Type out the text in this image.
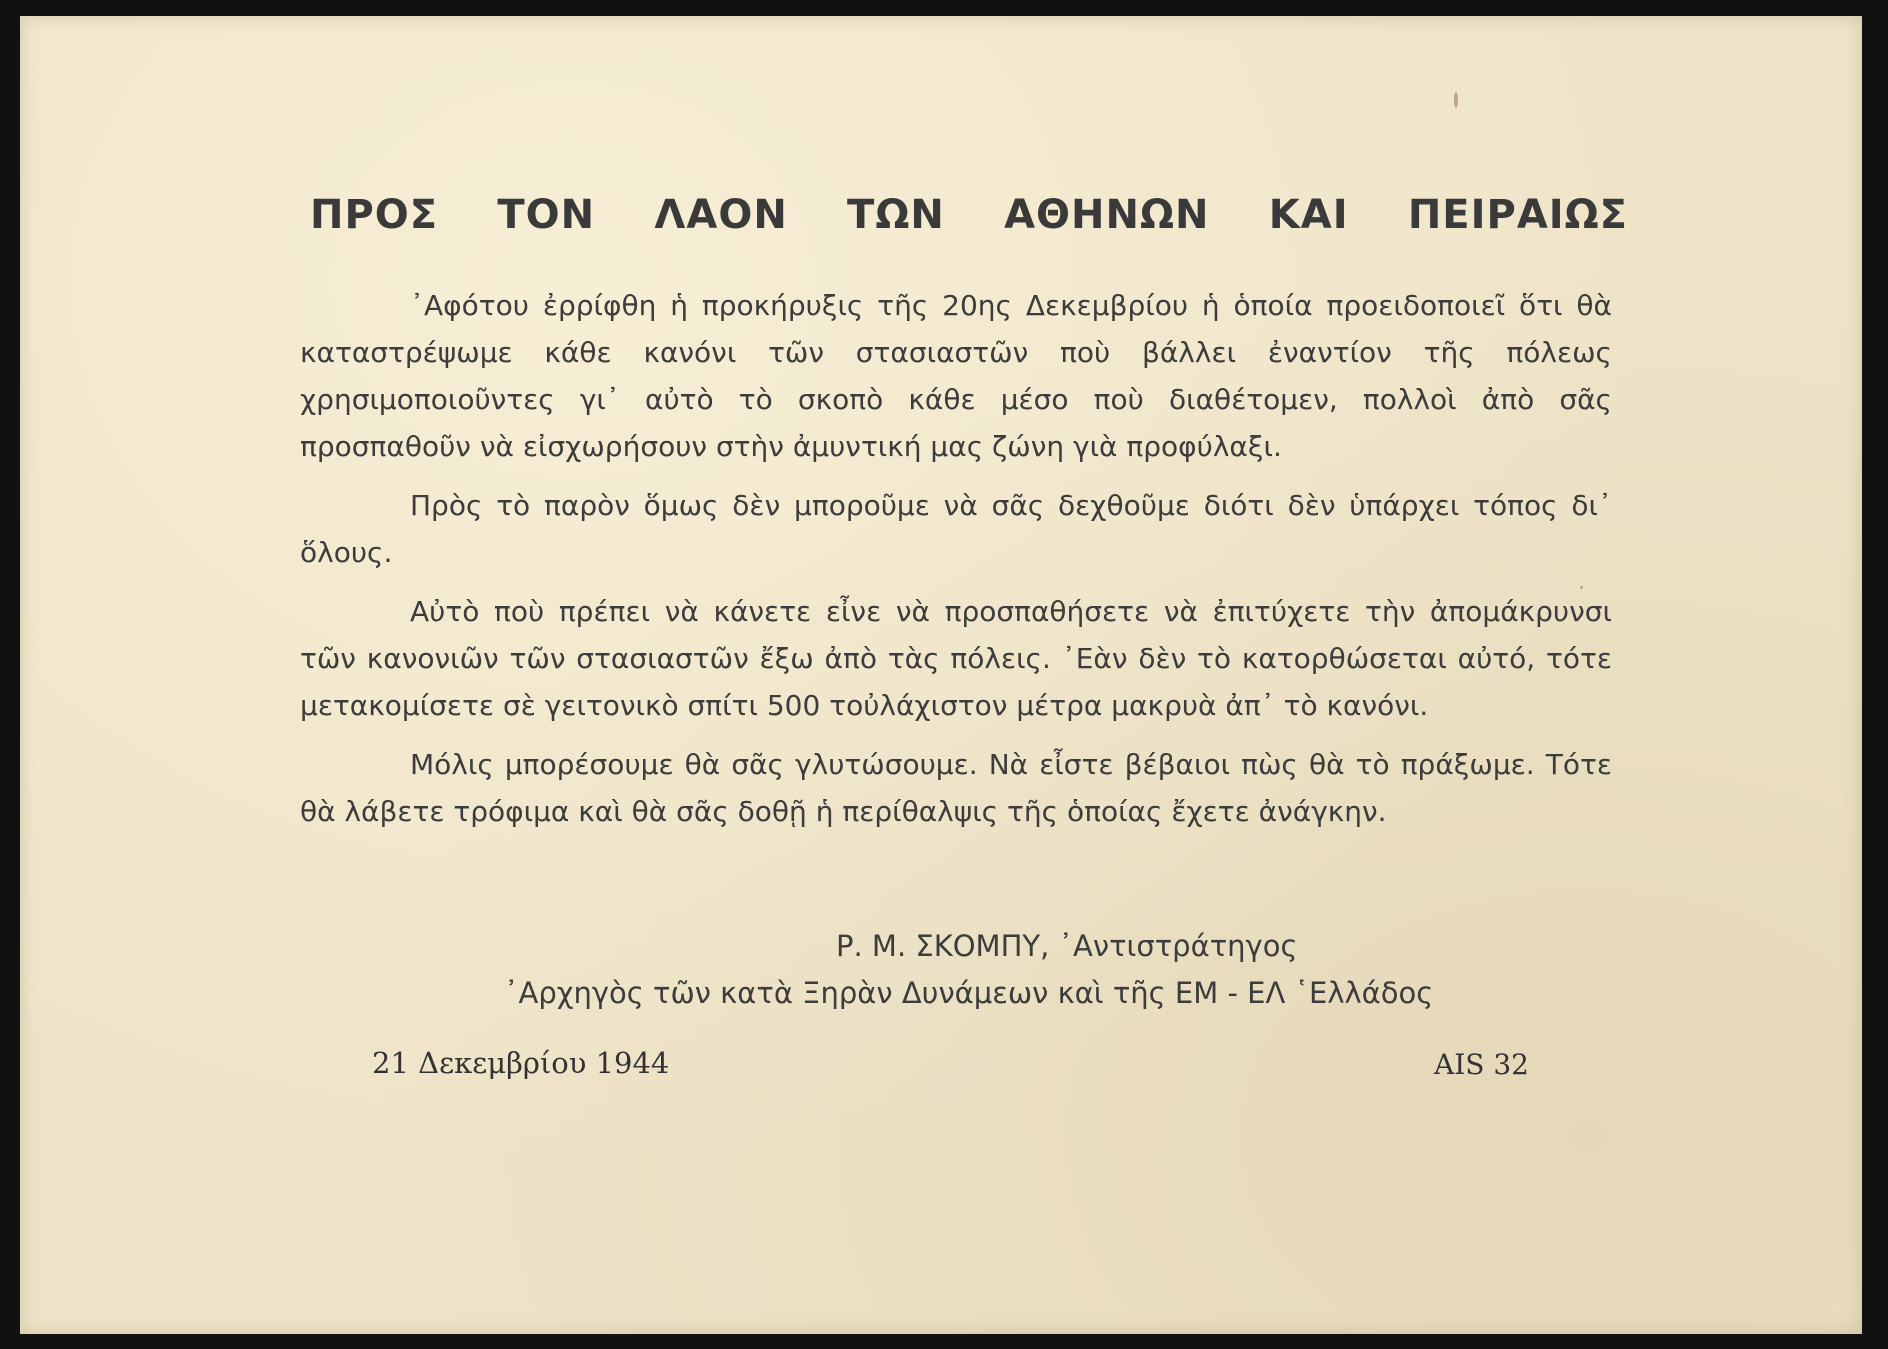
ΠΡΟΣ ΤΟΝ ΛΑΟΝ ΤΩΝ ΑΘΗΝΩΝ ΚΑΙ ΠΕΙΡΑΙΩΣ

᾿Αφότου ἐρρίφθη ἡ προκήρυξις τῆς 20ης Δεκεμβρίου ἡ ὁποία προειδοποιεῖ ὅτι θὰ καταστρέψωμε κάθε κανόνι τῶν στασιαστῶν ποὺ βάλλει ἐναντίον τῆς πόλεως χρησιμοποιοῦντες γι᾿ αὐτὸ τὸ σκοπὸ κάθε μέσο ποὺ διαθέτομεν, πολλοὶ ἀπὸ σᾶς προσπαθοῦν νὰ εἰσχωρήσουν στὴν ἀμυντική μας ζώνη γιὰ προφύλαξι.

Πρὸς τὸ παρὸν ὅμως δὲν μποροῦμε νὰ σᾶς δεχθοῦμε διότι δὲν ὑπάρχει τόπος δι᾿ ὅλους.

Αὐτὸ ποὺ πρέπει νὰ κάνετε εἶνε νὰ προσπαθήσετε νὰ ἐπιτύχετε τὴν ἀπομάκρυνσι τῶν κανονιῶν τῶν στασιαστῶν ἔξω ἀπὸ τὰς πόλεις. ᾿Εὰν δὲν τὸ κατορθώσεται αὐτό, τότε μετακομίσετε σὲ γειτονικὸ σπίτι 500 τοὐλάχιστον μέτρα μακρυὰ ἀπ᾿ τὸ κανόνι.

Μόλις μπορέσουμε θὰ σᾶς γλυτώσουμε. Νὰ εἶστε βέβαιοι πὼς θὰ τὸ πράξωμε. Τότε θὰ λάβετε τρόφιμα καὶ θὰ σᾶς δοθῇ ἡ περίθαλψις τῆς ὁποίας ἔχετε ἀνάγκην.

Ρ. Μ. ΣΚΟΜΠΥ, ᾿Αντιστράτηγος
᾿Αρχηγὸς τῶν κατὰ Ξηρὰν Δυνάμεων καὶ τῆς ΕΜ - ΕΛ ῾Ελλάδος
21 Δεκεμβρίου 1944	AIS 32
